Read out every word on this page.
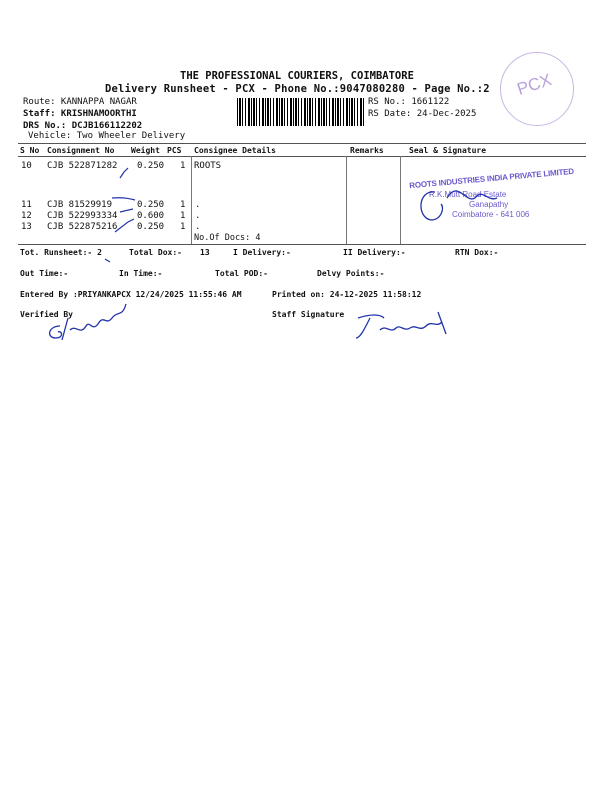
PCX
THE PROFESSIONAL COURIERS, COIMBATORE
Delivery Runsheet - PCX - Phone No.:9047080280 - Page No.:2
Route: KANNAPPA NAGAR
Staff: KRISHNAMOORTHI
DRS No.: DCJB166112202
Vehicle: Two Wheeler Delivery
RS No.: 1661122
RS Date: 24-Dec-2025
S No Consignment No Weight PCS Consignee Details	Remarks	Seal & Signature
10 CJB 522871282 0.250 1 ROOTS
11 CJB 81529919	0.250 1 .
12 CJB 522993334 0.600 1 .
13 CJB 522875216 0.250 1 .
No.Of Docs: 4
ROOTS INDUSTRIES INDIA PRIVATE LIMITED
R.K.Mutt Road Estate
Ganapathy
Coimbatore - 641 006
Tot. Runsheet:- 2	Total Dox:- 13	I Delivery:-	II Delivery:-	RTN Dox:-
Out Time:-	In Time:-	Total POD:-	Delvy Points:-
Entered By :PRIYANKAPCX 12/24/2025 11:55:46 AM	Printed on: 24-12-2025 11:58:12
Verified By	Staff Signature
